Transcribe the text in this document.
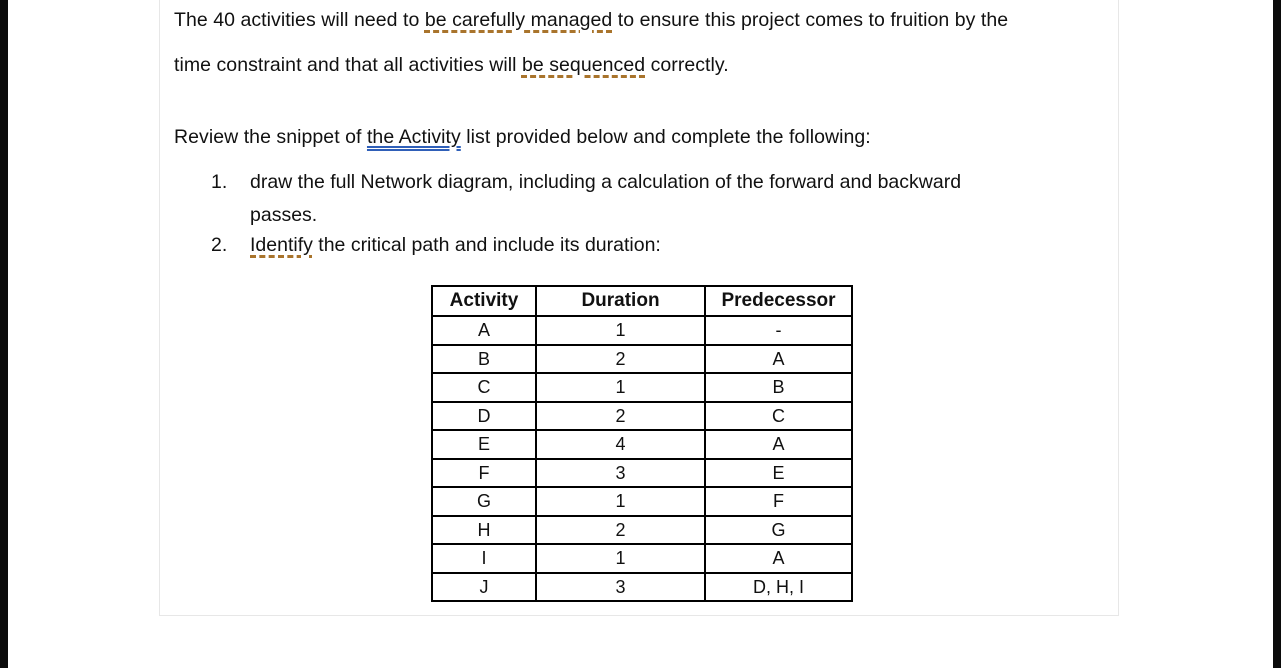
The 40 activities will need to be carefully managed to ensure this project comes to fruition by the

time constraint and that all activities will be sequenced correctly.

Review the snippet of the Activity list provided below and complete the following:

1. draw the full Network diagram, including a calculation of the forward and backward

passes.

2. Identify the critical path and include its duration:

Activity	Duration	Predecessor
A	1	-
B	2	A
C	1	B
D	2	C
E	4	A
F	3	E
G	1	F
H	2	G
I	1	A
J	3	D, H, I
